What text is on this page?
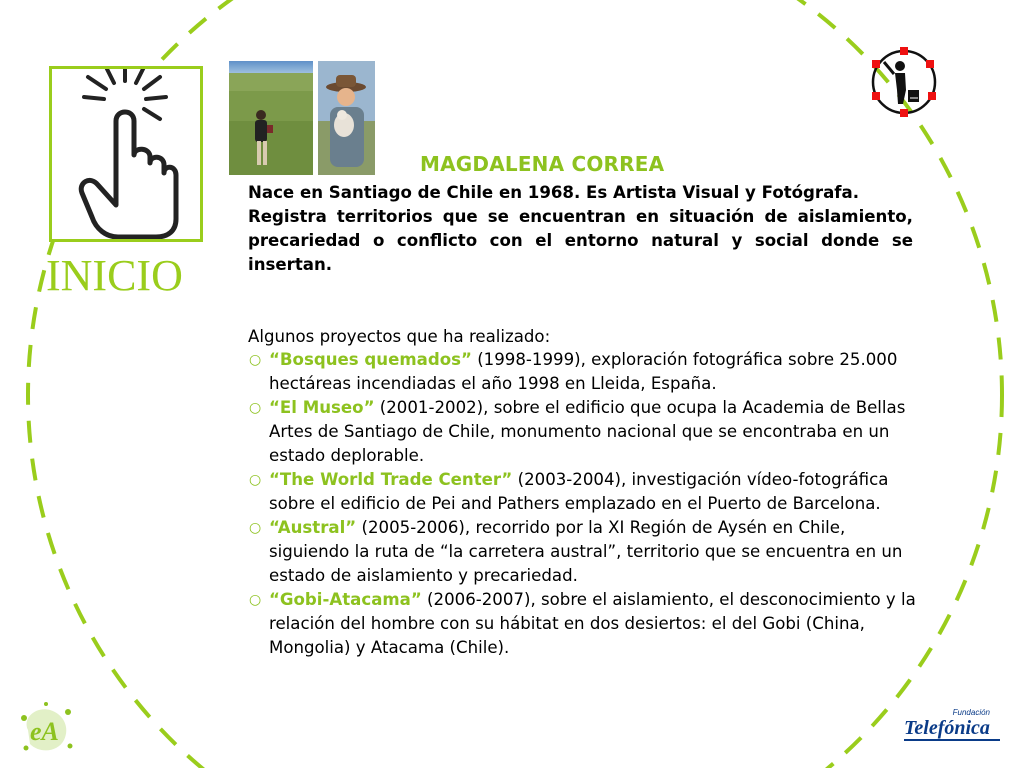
INICIO
MAGDALENA CORREA
Nace en Santiago de Chile en 1968. Es Artista Visual y Fotógrafa.
Registra territorios que se encuentran en situación de aislamiento, precariedad o conflicto con el entorno natural y social donde se insertan.
Algunos proyectos que ha realizado:
○ “Bosques quemados” (1998-1999), exploración fotográfica sobre 25.000 hectáreas incendiadas el año 1998 en Lleida, España.
○ “El Museo” (2001-2002), sobre el edificio que ocupa la Academia de Bellas Artes de Santiago de Chile, monumento nacional que se encontraba en un estado deplorable.
○ “The World Trade Center” (2003-2004), investigación vídeo-fotográfica sobre el edificio de Pei and Pathers emplazado en el Puerto de Barcelona.
○ “Austral” (2005-2006), recorrido por la XI Región de Aysén en Chile, siguiendo la ruta de “la carretera austral”, territorio que se encuentra en un estado de aislamiento y precariedad.
○ “Gobi-Atacama” (2006-2007), sobre el aislamiento, el desconocimiento y la relación del hombre con su hábitat en dos desiertos: el del Gobi (China, Mongolia) y Atacama (Chile).
eA
Fundación
Telefónica
